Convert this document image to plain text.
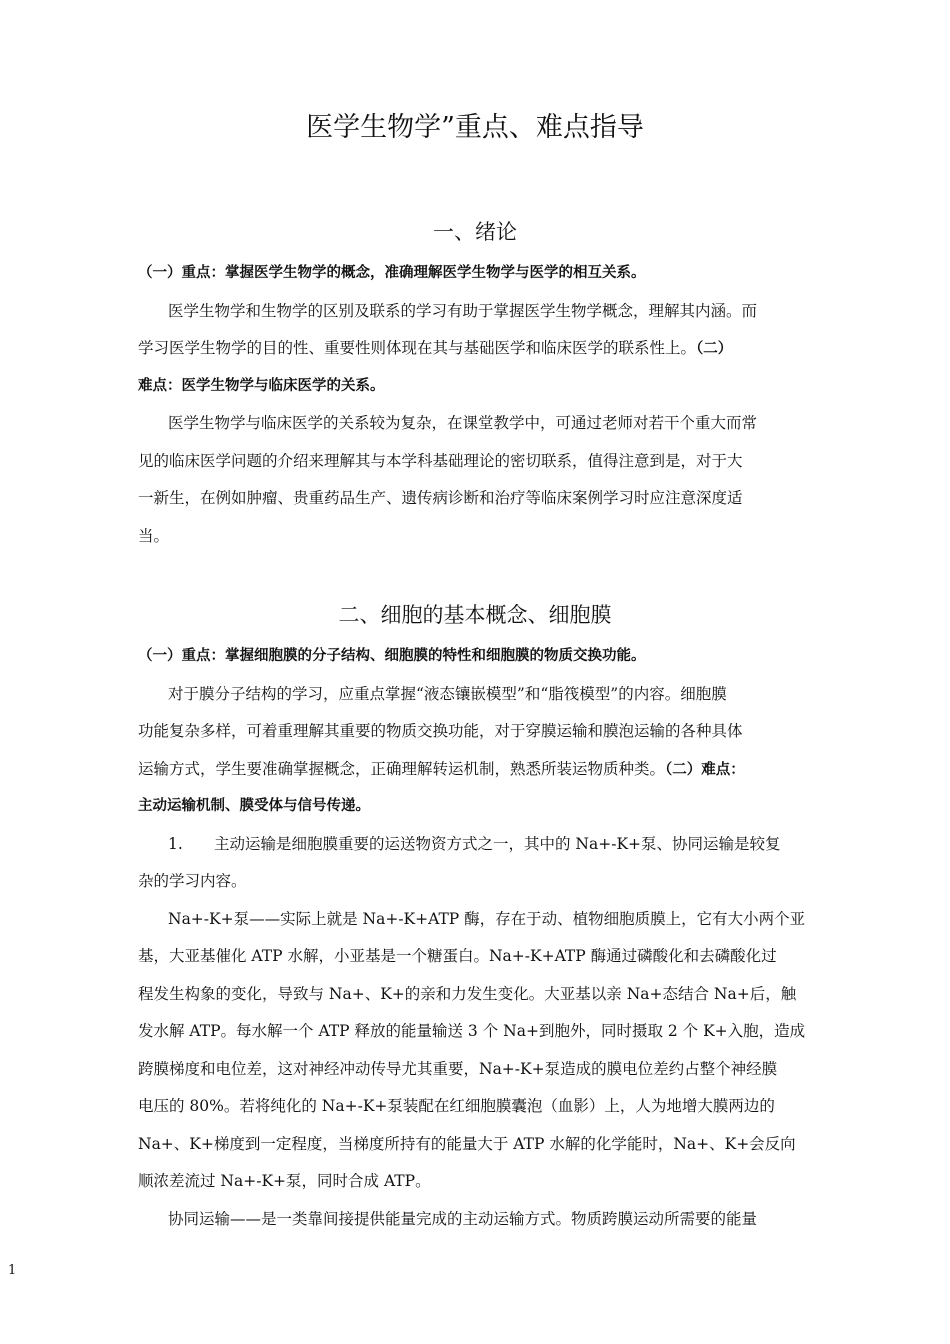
医学生物学”重点、难点指导
一、绪论
（一）重点：掌握医学生物学的概念，准确理解医学生物学与医学的相互关系。
医学生物学和生物学的区别及联系的学习有助于掌握医学生物学概念，理解其内涵。而
学习医学生物学的目的性、重要性则体现在其与基础医学和临床医学的联系性上。（二）
难点：医学生物学与临床医学的关系。
医学生物学与临床医学的关系较为复杂，在课堂教学中，可通过老师对若干个重大而常
见的临床医学问题的介绍来理解其与本学科基础理论的密切联系，值得注意到是，对于大
一新生，在例如肿瘤、贵重药品生产、遗传病诊断和治疗等临床案例学习时应注意深度适
当。
二、细胞的基本概念、细胞膜
（一）重点：掌握细胞膜的分子结构、细胞膜的特性和细胞膜的物质交换功能。
对于膜分子结构的学习，应重点掌握“液态镶嵌模型”和“脂筏模型”的内容。细胞膜
功能复杂多样，可着重理解其重要的物质交换功能，对于穿膜运输和膜泡运输的各种具体
运输方式，学生要准确掌握概念，正确理解转运机制，熟悉所装运物质种类。（二）难点：
主动运输机制、膜受体与信号传递。
1. 主动运输是细胞膜重要的运送物资方式之一，其中的 Na+-K+泵、协同运输是较复
杂的学习内容。
Na+-K+泵——实际上就是 Na+-K+ATP 酶，存在于动、植物细胞质膜上，它有大小两个亚
基，大亚基催化 ATP 水解，小亚基是一个糖蛋白。Na+-K+ATP 酶通过磷酸化和去磷酸化过
程发生构象的变化，导致与 Na+、K+的亲和力发生变化。大亚基以亲 Na+态结合 Na+后，触
发水解 ATP。每水解一个 ATP 释放的能量输送 3 个 Na+到胞外，同时摄取 2 个 K+入胞，造成
跨膜梯度和电位差，这对神经冲动传导尤其重要，Na+-K+泵造成的膜电位差约占整个神经膜
电压的 80%。若将纯化的 Na+-K+泵装配在红细胞膜囊泡（血影）上，人为地增大膜两边的
Na+、K+梯度到一定程度，当梯度所持有的能量大于 ATP 水解的化学能时，Na+、K+会反向
顺浓差流过 Na+-K+泵，同时合成 ATP。
协同运输——是一类靠间接提供能量完成的主动运输方式。物质跨膜运动所需要的能量
1
